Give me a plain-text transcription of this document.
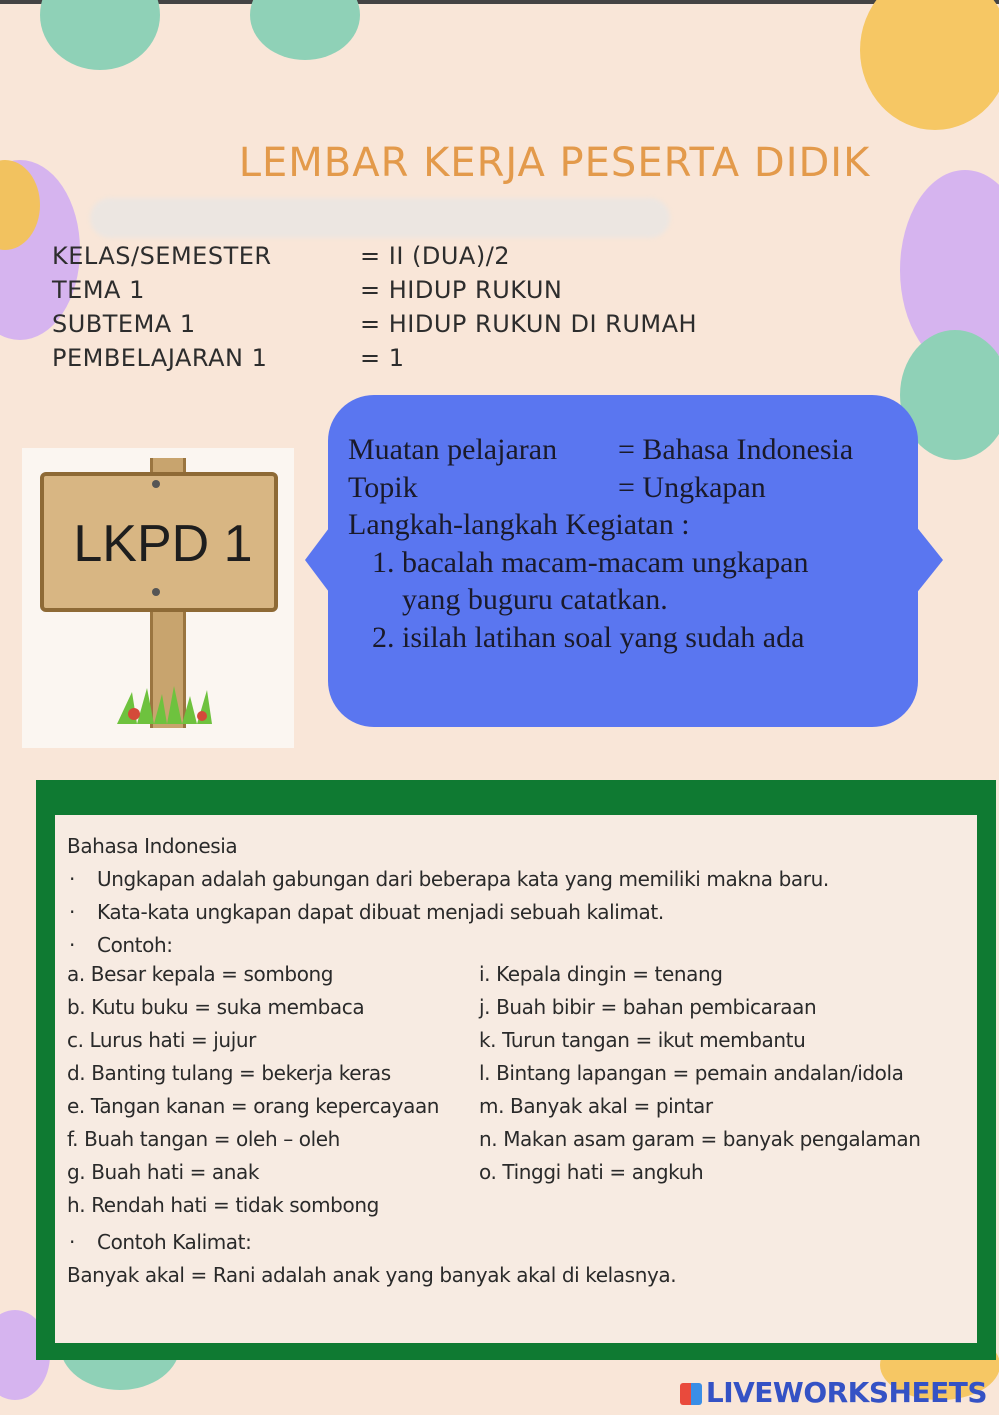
LEMBAR KERJA PESERTA DIDIK
KELAS/SEMESTER	= II (DUA)/2
TEMA 1	= HIDUP RUKUN
SUBTEMA 1	= HIDUP RUKUN DI RUMAH
PEMBELAJARAN 1	= 1
LKPD 1
Muatan pelajaran = Bahasa Indonesia
Topik	= Ungkapan
Langkah-langkah Kegiatan :
1. bacalah macam-macam ungkapan
yang buguru catatkan.
2. isilah latihan soal yang sudah ada
Bahasa Indonesia
· Ungkapan adalah gabungan dari beberapa kata yang memiliki makna baru.
· Kata-kata ungkapan dapat dibuat menjadi sebuah kalimat.
· Contoh:
a. Besar kepala = sombong	i. Kepala dingin = tenang
b. Kutu buku = suka membaca	j. Buah bibir = bahan pembicaraan
c. Lurus hati = jujur	k. Turun tangan = ikut membantu
d. Banting tulang = bekerja keras	l. Bintang lapangan = pemain andalan/idola
e. Tangan kanan = orang kepercayaan m. Banyak akal = pintar
f. Buah tangan = oleh – oleh	n. Makan asam garam = banyak pengalaman
g. Buah hati = anak	o. Tinggi hati = angkuh
h. Rendah hati = tidak sombong
· Contoh Kalimat:
Banyak akal = Rani adalah anak yang banyak akal di kelasnya.
LIVEWORKSHEETS
